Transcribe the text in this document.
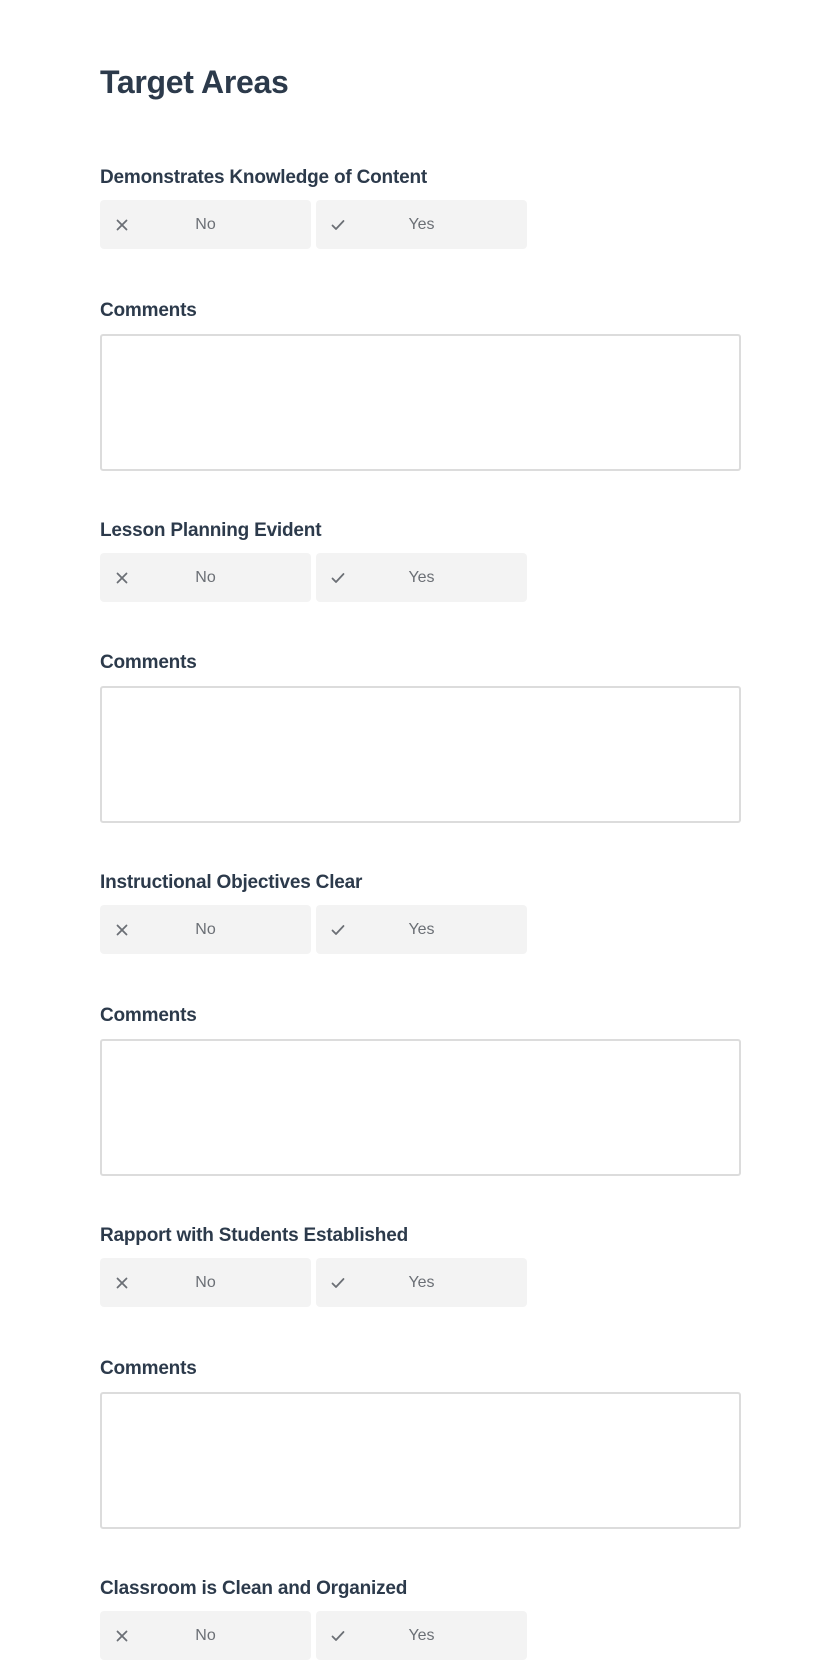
Target Areas

Demonstrates Knowledge of Content

No	Yes

Comments

Lesson Planning Evident

No	Yes

Comments

Instructional Objectives Clear

No	Yes

Comments

Rapport with Students Established

No	Yes

Comments

Classroom is Clean and Organized

No	Yes
